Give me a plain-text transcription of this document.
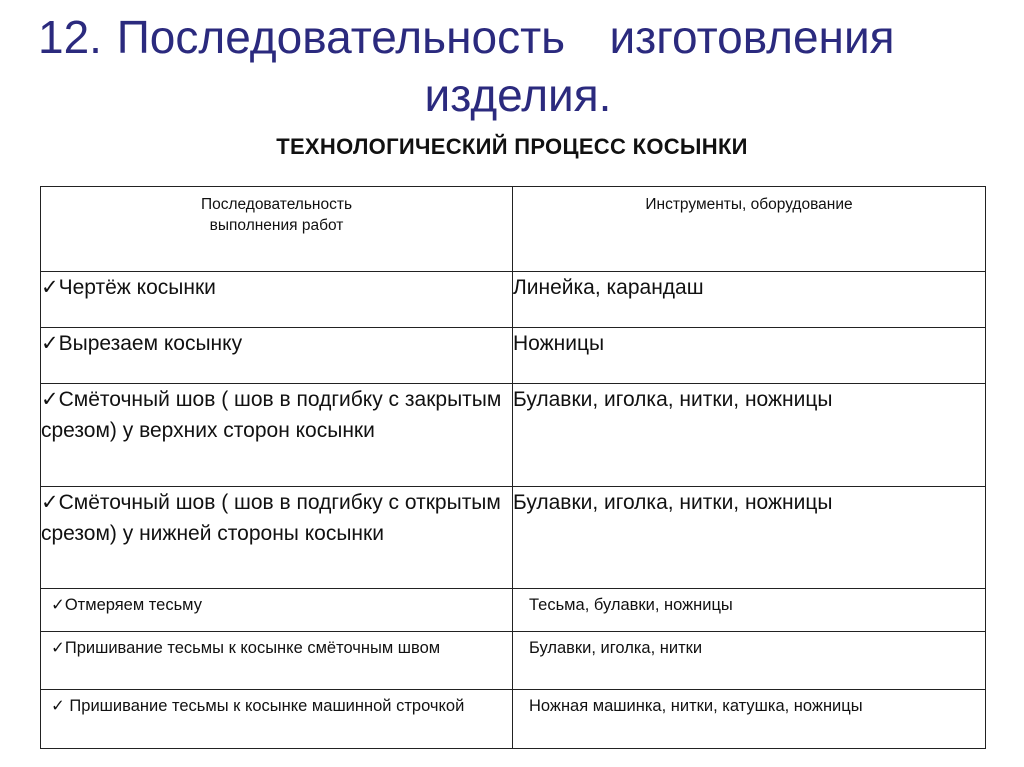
12. Последовательность   изготовления
изделия.
ТЕХНОЛОГИЧЕСКИЙ ПРОЦЕСС КОСЫНКИ
Последовательность
выполнения работ	Инструменты, оборудование

✓Чертёж косынки	Линейка, карандаш
✓Вырезаем косынку	Ножницы
✓Смёточный шов ( шов в подгибку с закрытым срезом) у верхних сторон косынки	Булавки, иголка, нитки, ножницы
✓Смёточный шов ( шов в подгибку с открытым срезом) у нижней стороны косынки	Булавки, иголка, нитки, ножницы
✓Отмеряем тесьму	Тесьма, булавки, ножницы
✓Пришивание тесьмы к косынке смёточным швом	Булавки, иголка, нитки
✓ Пришивание тесьмы к косынке машинной строчкой	Ножная машинка, нитки, катушка, ножницы
